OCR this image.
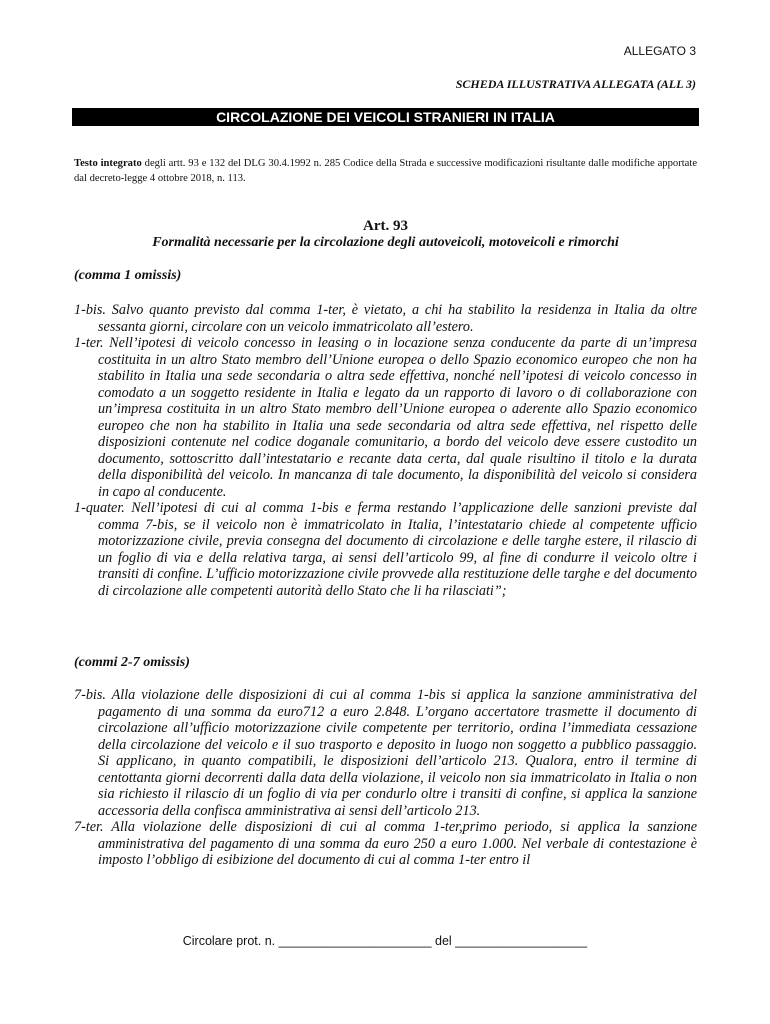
ALLEGATO 3
SCHEDA ILLUSTRATIVA ALLEGATA (ALL 3)
CIRCOLAZIONE DEI VEICOLI STRANIERI IN ITALIA
Testo integrato degli artt. 93 e 132 del DLG 30.4.1992 n. 285 Codice della Strada e successive modificazioni risultante dalle modifiche apportate dal decreto-legge 4 ottobre 2018, n. 113.
Art. 93
Formalità necessarie per la circolazione degli autoveicoli, motoveicoli e rimorchi
(comma 1 omissis)

1-bis. Salvo quanto previsto dal comma 1-ter, è vietato, a chi ha stabilito la residenza in Italia da oltre sessanta giorni, circolare con un veicolo immatricolato all’estero.

1-ter. Nell’ipotesi di veicolo concesso in leasing o in locazione senza conducente da parte di un’impresa costituita in un altro Stato membro dell’Unione europea o dello Spazio economico europeo che non ha stabilito in Italia una sede secondaria o altra sede effettiva, nonché nell’ipotesi di veicolo concesso in comodato a un soggetto residente in Italia e legato da un rapporto di lavoro o di collaborazione con un’impresa costituita in un altro Stato membro dell’Unione europea o aderente allo Spazio economico europeo che non ha stabilito in Italia una sede secondaria od altra sede effettiva, nel rispetto delle disposizioni contenute nel codice doganale comunitario, a bordo del veicolo deve essere custodito un documento, sottoscritto dall’intestatario e recante data certa, dal quale risultino il titolo e la durata della disponibilità del veicolo. In mancanza di tale documento, la disponibilità del veicolo si considera in capo al conducente.

1-quater. Nell’ipotesi di cui al comma 1-bis e ferma restando l’applicazione delle sanzioni previste dal comma 7-bis, se il veicolo non è immatricolato in Italia, l’intestatario chiede al competente ufficio motorizzazione civile, previa consegna del documento di circolazione e delle targhe estere, il rilascio di un foglio di via e della relativa targa, ai sensi dell’articolo 99, al fine di condurre il veicolo oltre i transiti di confine. L’ufficio motorizzazione civile provvede alla restituzione delle targhe e del documento di circolazione alle competenti autorità dello Stato che li ha rilasciati”;

(commi 2-7 omissis)

7-bis. Alla violazione delle disposizioni di cui al comma 1-bis si applica la sanzione amministrativa del pagamento di una somma da euro712 a euro 2.848. L’organo accertatore trasmette il documento di circolazione all’ufficio motorizzazione civile competente per territorio, ordina l’immediata cessazione della circolazione del veicolo e il suo trasporto e deposito in luogo non soggetto a pubblico passaggio. Si applicano, in quanto compatibili, le disposizioni dell’articolo 213. Qualora, entro il termine di centottanta giorni decorrenti dalla data della violazione, il veicolo non sia immatricolato in Italia o non sia richiesto il rilascio di un foglio di via per condurlo oltre i transiti di confine, si applica la sanzione accessoria della confisca amministrativa ai sensi dell’articolo 213.

7-ter. Alla violazione delle disposizioni di cui al comma 1-ter,primo periodo, si applica la sanzione amministrativa del pagamento di una somma da euro 250 a euro 1.000. Nel verbale di contestazione è imposto l’obbligo di esibizione del documento di cui al comma 1-ter entro il

Circolare prot. n. ______________________ del ___________________
